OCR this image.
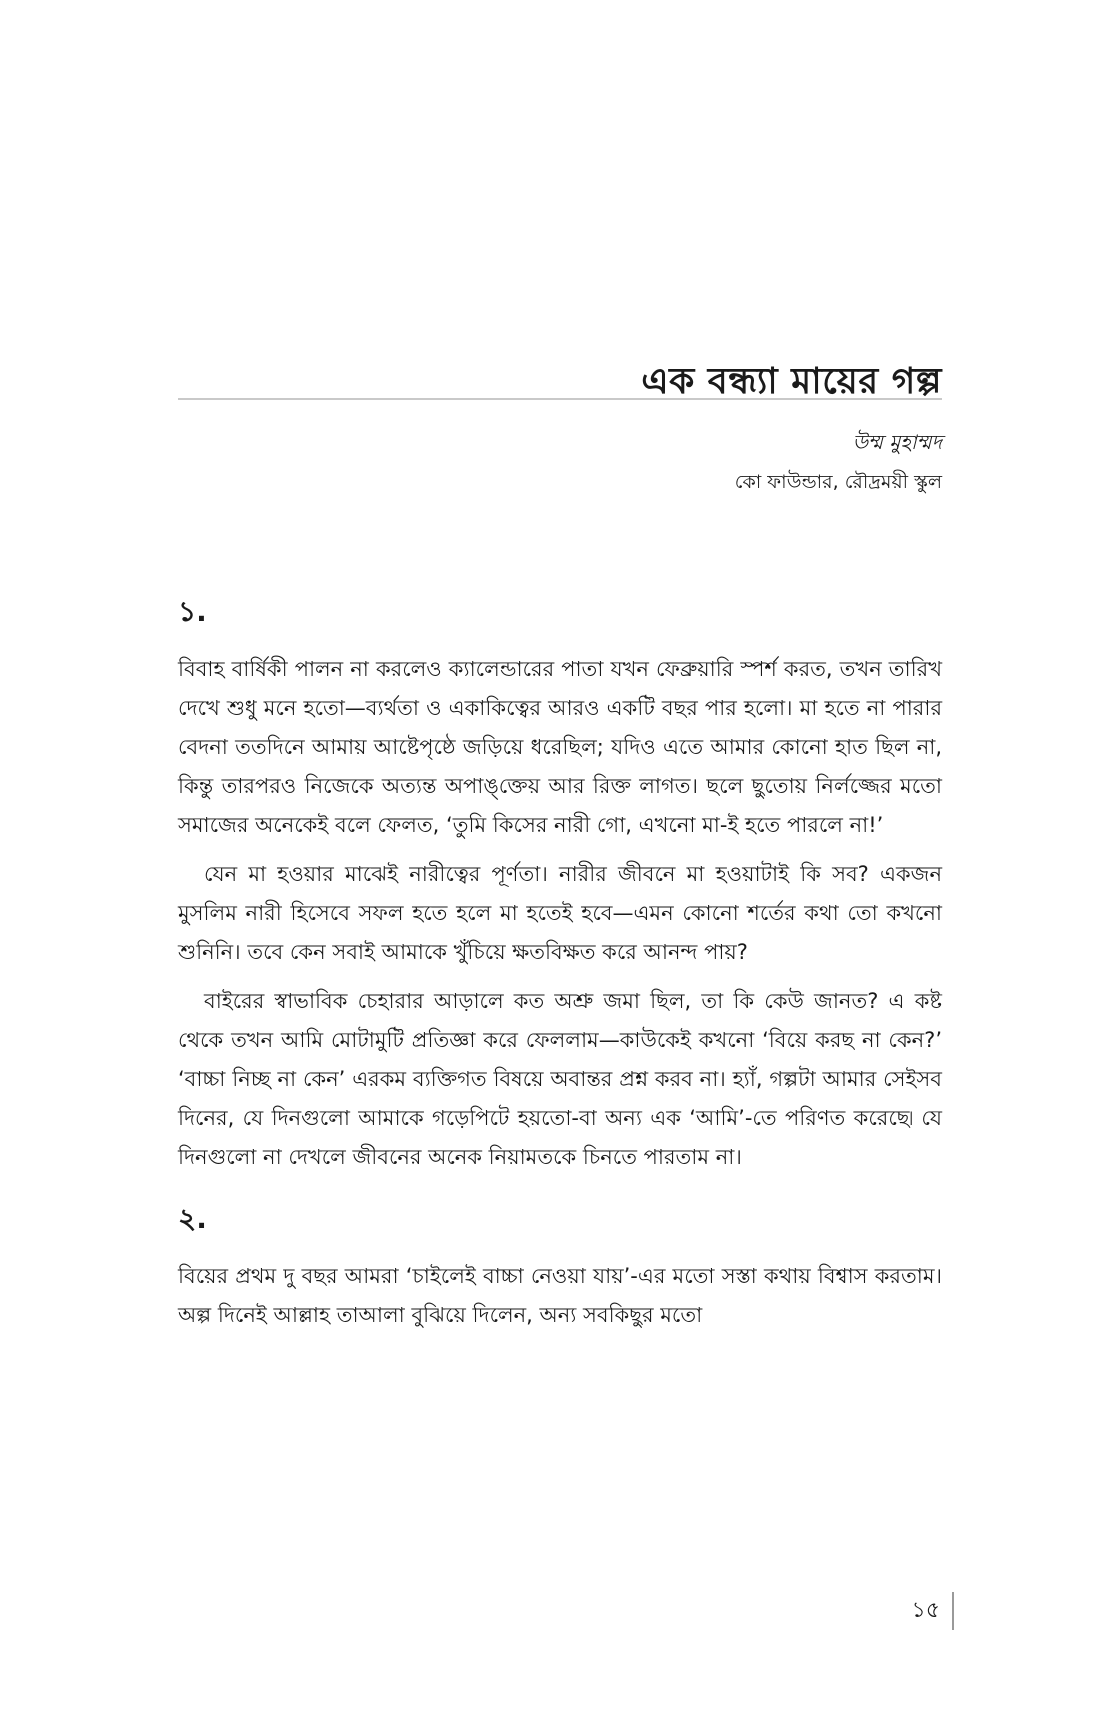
এক বন্ধ্যা মায়ের গল্প
উম্ম মুহাম্মদ
কো ফাউন্ডার, রৌদ্রময়ী স্কুল
১.

বিবাহ বার্ষিকী পালন না করলেও ক্যালেন্ডারের পাতা যখন ফেব্রুয়ারি স্পর্শ করত, তখন তারিখ দেখে শুধু মনে হতো—ব্যর্থতা ও একাকিত্বের আরও একটি বছর পার হলো। মা হতে না পারার বেদনা ততদিনে আমায় আষ্টেপৃষ্ঠে জড়িয়ে ধরেছিল; যদিও এতে আমার কোনো হাত ছিল না, কিন্তু তারপরও নিজেকে অত্যন্ত অপাঙ্‌ক্তেয় আর রিক্ত লাগত। ছলে ছুতোয় নির্লজ্জের মতো সমাজের অনেকেই বলে ফেলত, ‘তুমি কিসের নারী গো, এখনো মা-ই হতে পারলে না!’

যেন মা হওয়ার মাঝেই নারীত্বের পূর্ণতা। নারীর জীবনে মা হওয়াটাই কি সব? একজন মুসলিম নারী হিসেবে সফল হতে হলে মা হতেই হবে—এমন কোনো শর্তের কথা তো কখনো শুনিনি। তবে কেন সবাই আমাকে খুঁচিয়ে ক্ষতবিক্ষত করে আনন্দ পায়?

বাইরের স্বাভাবিক চেহারার আড়ালে কত অশ্রু জমা ছিল, তা কি কেউ জানত? এ কষ্ট থেকে তখন আমি মোটামুটি প্রতিজ্ঞা করে ফেললাম—কাউকেই কখনো ‘বিয়ে করছ না কেন?’ ‘বাচ্চা নিচ্ছ না কেন’ এরকম ব্যক্তিগত বিষয়ে অবান্তর প্রশ্ন করব না। হ্যাঁ, গল্পটা আমার সেইসব দিনের, যে দিনগুলো আমাকে গড়েপিটে হয়তো-বা অন্য এক ‘আমি’-তে পরিণত করেছে৷ যে দিনগুলো না দেখলে জীবনের অনেক নিয়ামতকে চিনতে পারতাম না।

২.

বিয়ের প্রথম দু বছর আমরা ‘চাইলেই বাচ্চা নেওয়া যায়’-এর মতো সস্তা কথায় বিশ্বাস করতাম। অল্প দিনেই আল্লাহ তাআলা বুঝিয়ে দিলেন, অন্য সবকিছুর মতো

১৫
